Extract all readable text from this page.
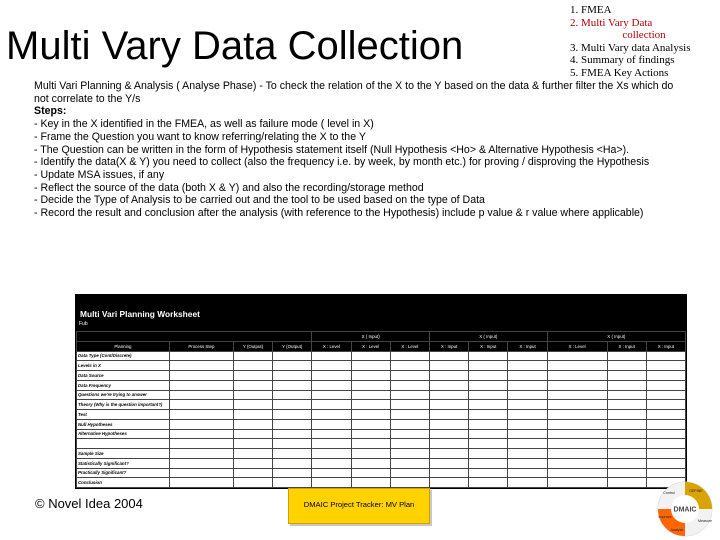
Multi Vary Data Collection
1. FMEA
2. Multi Vary Data
collection
3. Multi Vary data Analysis
4. Summary of findings
5. FMEA Key Actions

Multi Vari Planning & Analysis ( Analyse Phase) - To check the relation of the X to the Y based on the data & further filter the Xs which do not correlate to the Y/s

Steps:

- Key in the X identified in the FMEA, as well as failure mode ( level in X)
- Frame the Question you want to know referring/relating the X to the Y
- The Question can be written in the form of Hypothesis statement itself (Null Hypothesis <Ho> & Alternative Hypothesis <Ha>).
- Identify the data(X & Y) you need to collect (also the frequency i.e. by week, by month etc.) for proving / disproving the Hypothesis
- Update MSA issues, if any
- Reflect the source of the data (both X & Y) and also the recording/storage method
- Decide the Type of Analysis to be carried out and the tool to be used based on the type of Data
- Record the result and conclusion after the analysis (with reference to the Hypothesis) include p value & r value where applicable)
Multi Vari Planning Worksheet
Fub
				X ( Input)			X ( Input)			X ( Input)		
Planning	Process Step	Y (Output)	Y (Output)	X : Level	X : Level	X : Level	X : Input	X : Input	X : Input	X : Level	X : Input	X : Input
Data Type (Cont/Discrete)												
Levels in X												
Data Source												
Data Frequency												
Questions we're trying to answer												
Theory (Why is the question important?)												
Test												
Null Hypotheses												
Alternative Hypotheses												

Sample Size												
Statistically Significant?												
Practically Significant?												
Conclusion												
© Novel Idea 2004	DMAIC Project Tracker: MV Plan
DMAIC
DEFINE
Measure
Analyze
Improve
Control
